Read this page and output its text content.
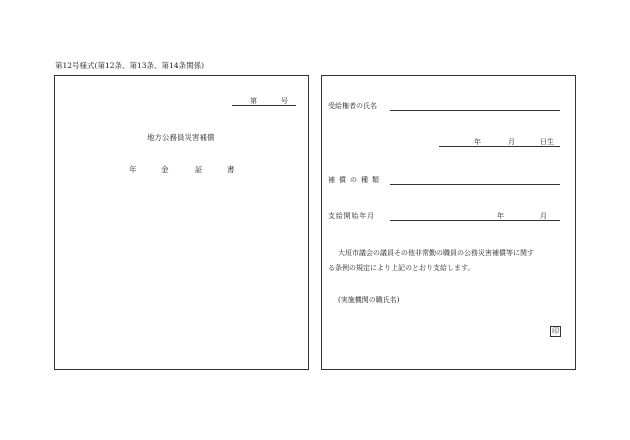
第12号様式(第12条、第13条、第14条関係)
第	号
地方公務員災害補償
年	金	証	書
受給権者の氏名
年	月	日生
補償の種類
支給開始年月	年	月
大垣市議会の議員その他非常勤の職員の公務災害補償等に関す
る条例の規定により上記のとおり支給します。
(実施機関の職氏名)
印
